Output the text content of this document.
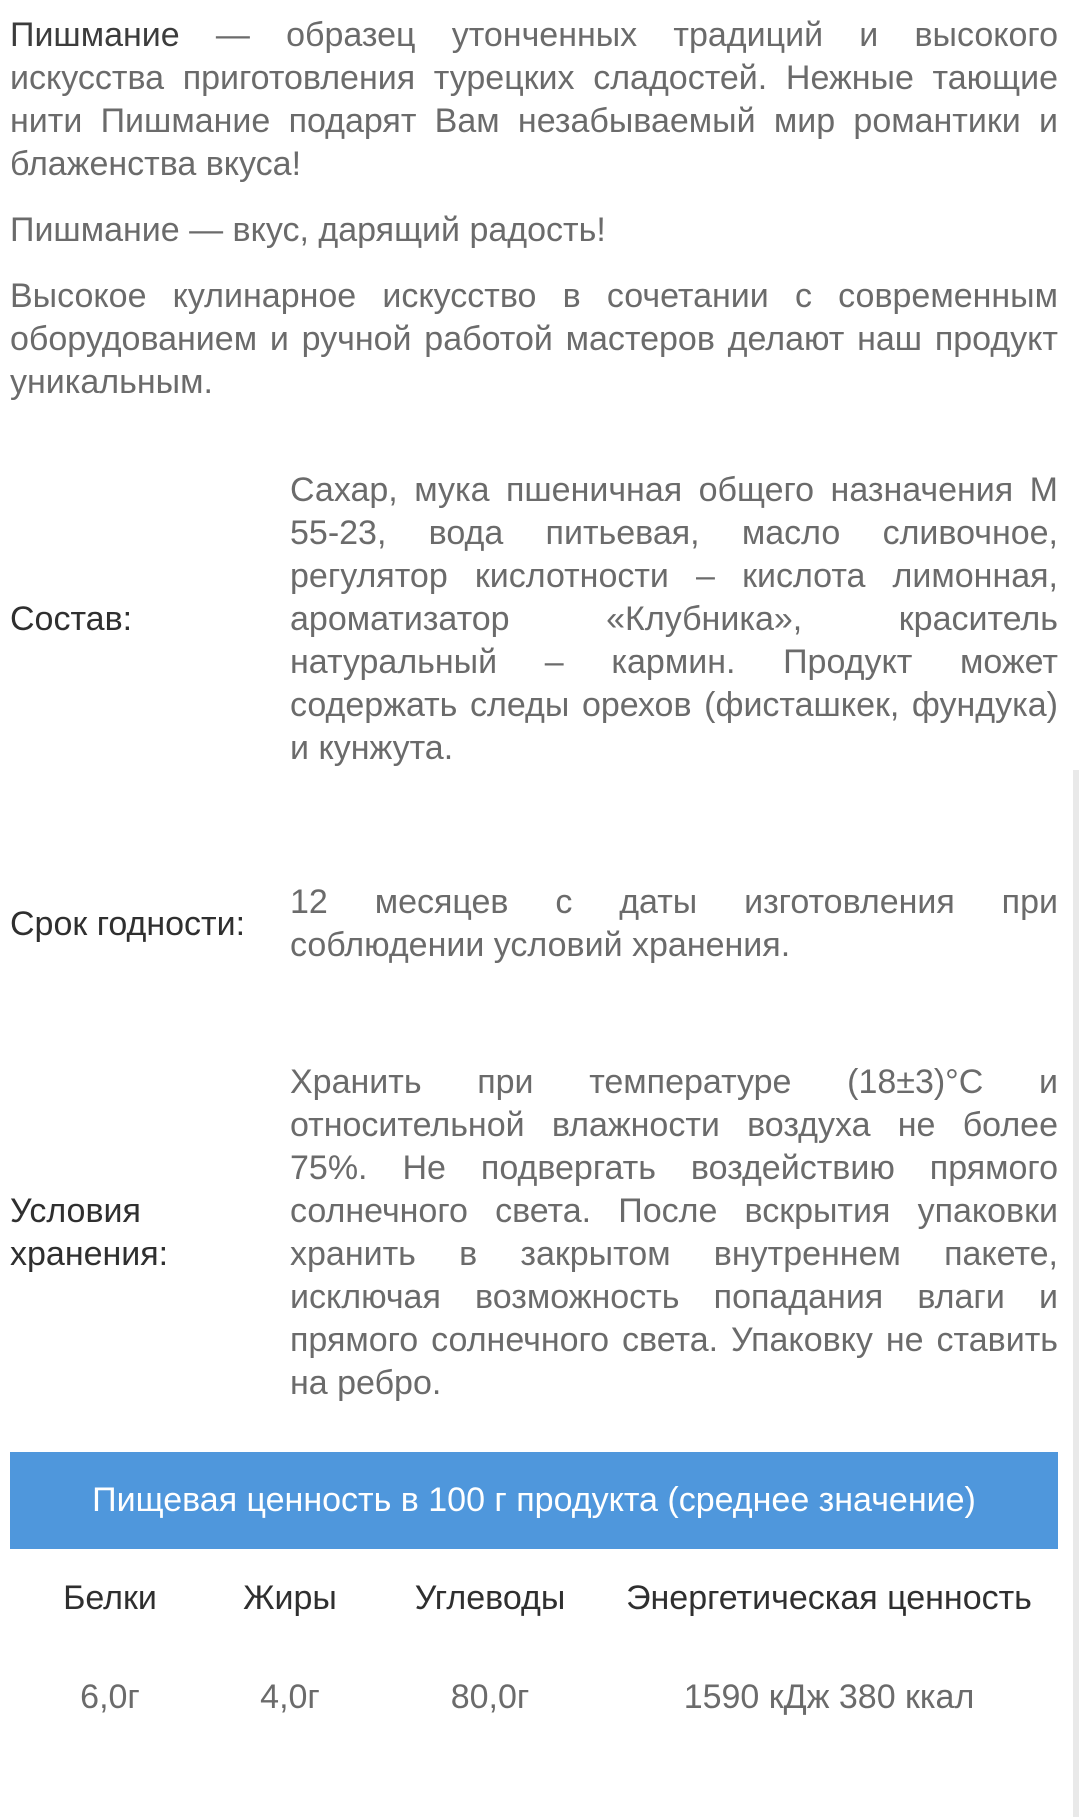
Пишмание — образец утонченных традиций и высокого искусства приготовления турецких сладостей. Нежные тающие нити Пишмание подарят Вам незабываемый мир романтики и блаженства вкуса!

Пишмание — вкус, дарящий радость!

Высокое кулинарное искусство в сочетании с современным оборудованием и ручной работой мастеров делают наш продукт уникальным.

Состав:
Сахар, мука пшеничная общего назначения М 55-23, вода питьевая, масло сливочное, регулятор кислотности – кислота лимонная, ароматизатор «Клубника», краситель натуральный – кармин. Продукт может содержать следы орехов (фисташкек, фундука) и кунжута.
Срок годности:
12 месяцев с даты изготовления при соблюдении условий хранения.
Условия
хранения:
Хранить при температуре (18±3)°С и относительной влажности воздуха не более 75%. Не подвергать воздействию прямого солнечного света. После вскрытия упаковки хранить в закрытом внутреннем пакете, исключая возможность попадания влаги и прямого солнечного света. Упаковку не ставить на ребро.
Пищевая ценность в 100 г продукта (среднее значение)
Белки	Жиры	Углеводы	Энергетическая ценность
6,0г	4,0г	80,0г	1590 кДж 380 ккал
